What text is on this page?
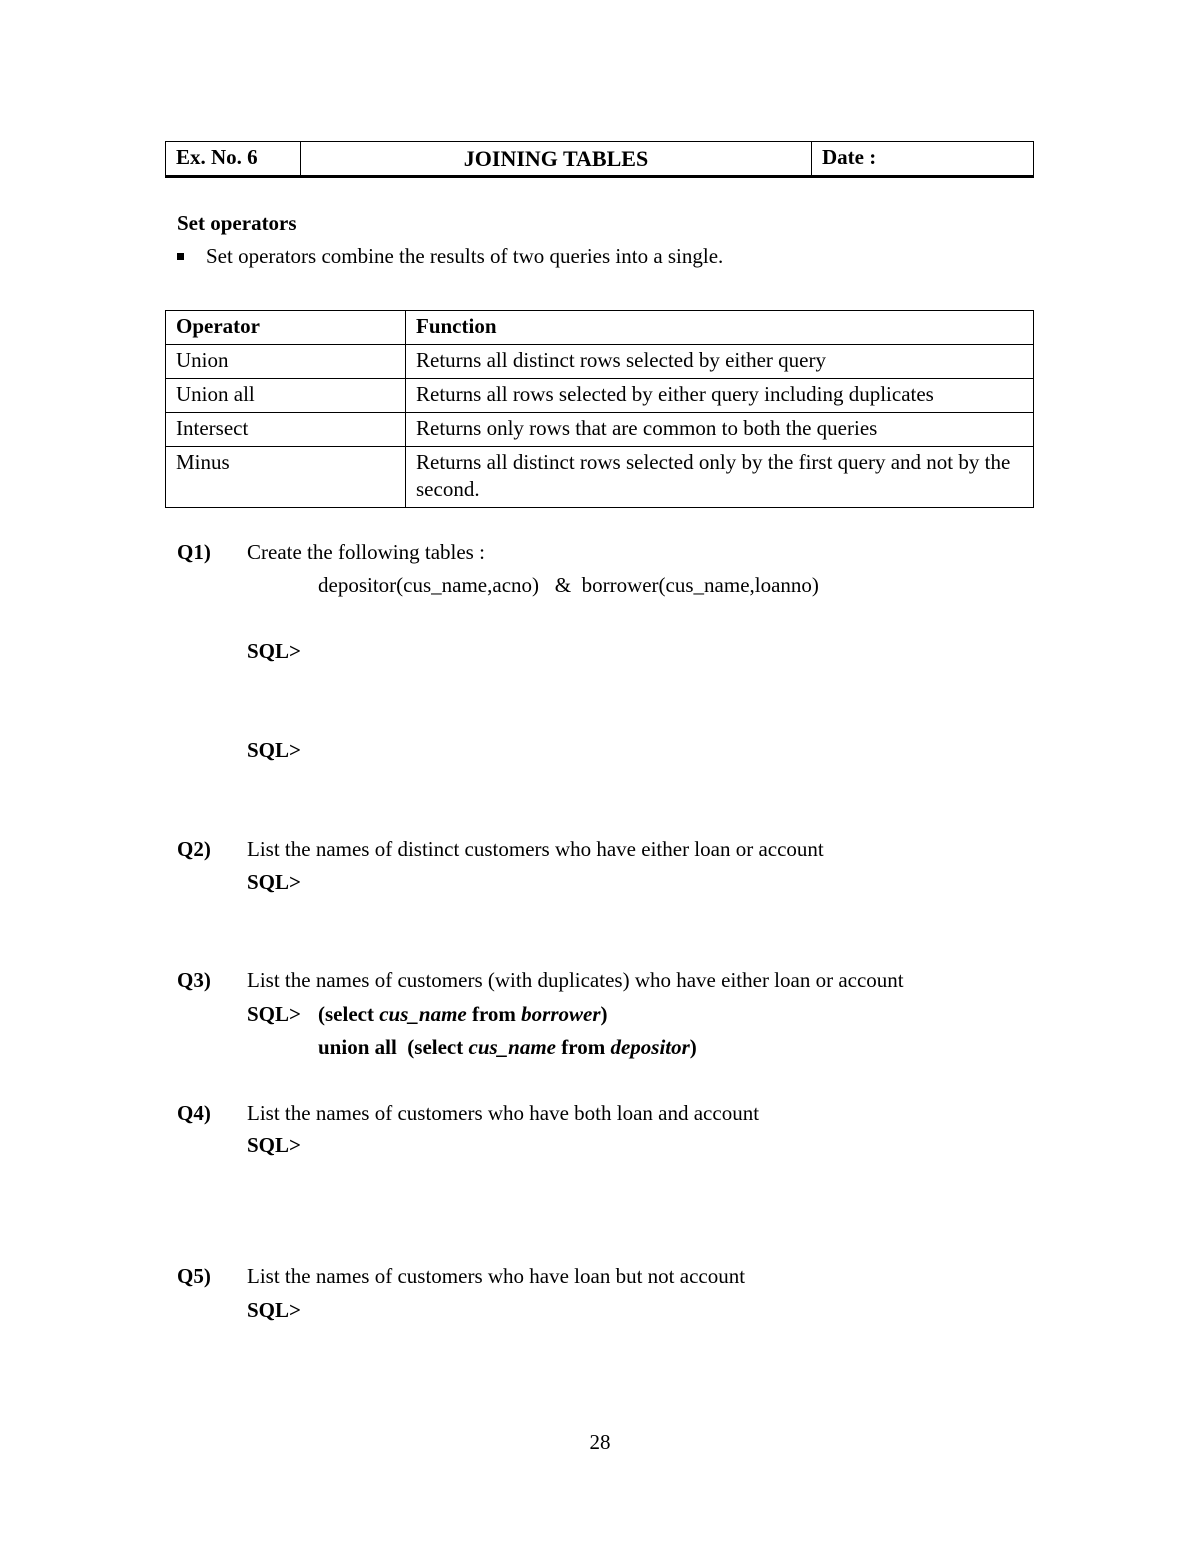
Ex. No. 6	JOINING TABLES	Date :
Set operators
Set operators combine the results of two queries into a single.
Operator	Function
Union	Returns all distinct rows selected by either query
Union all	Returns all rows selected by either query including duplicates
Intersect	Returns only rows that are common to both the queries
Minus	Returns all distinct rows selected only by the first query and not by the second.
Q1) Create the following tables :
depositor(cus_name,acno)   &  borrower(cus_name,loanno)
SQL>
SQL>
Q2) List the names of distinct customers who have either loan or account
SQL>
Q3) List the names of customers (with duplicates) who have either loan or account
SQL> (select cus_name from borrower)
union all  (select cus_name from depositor)
Q4) List the names of customers who have both loan and account
SQL>
Q5) List the names of customers who have loan but not account
SQL>
28
